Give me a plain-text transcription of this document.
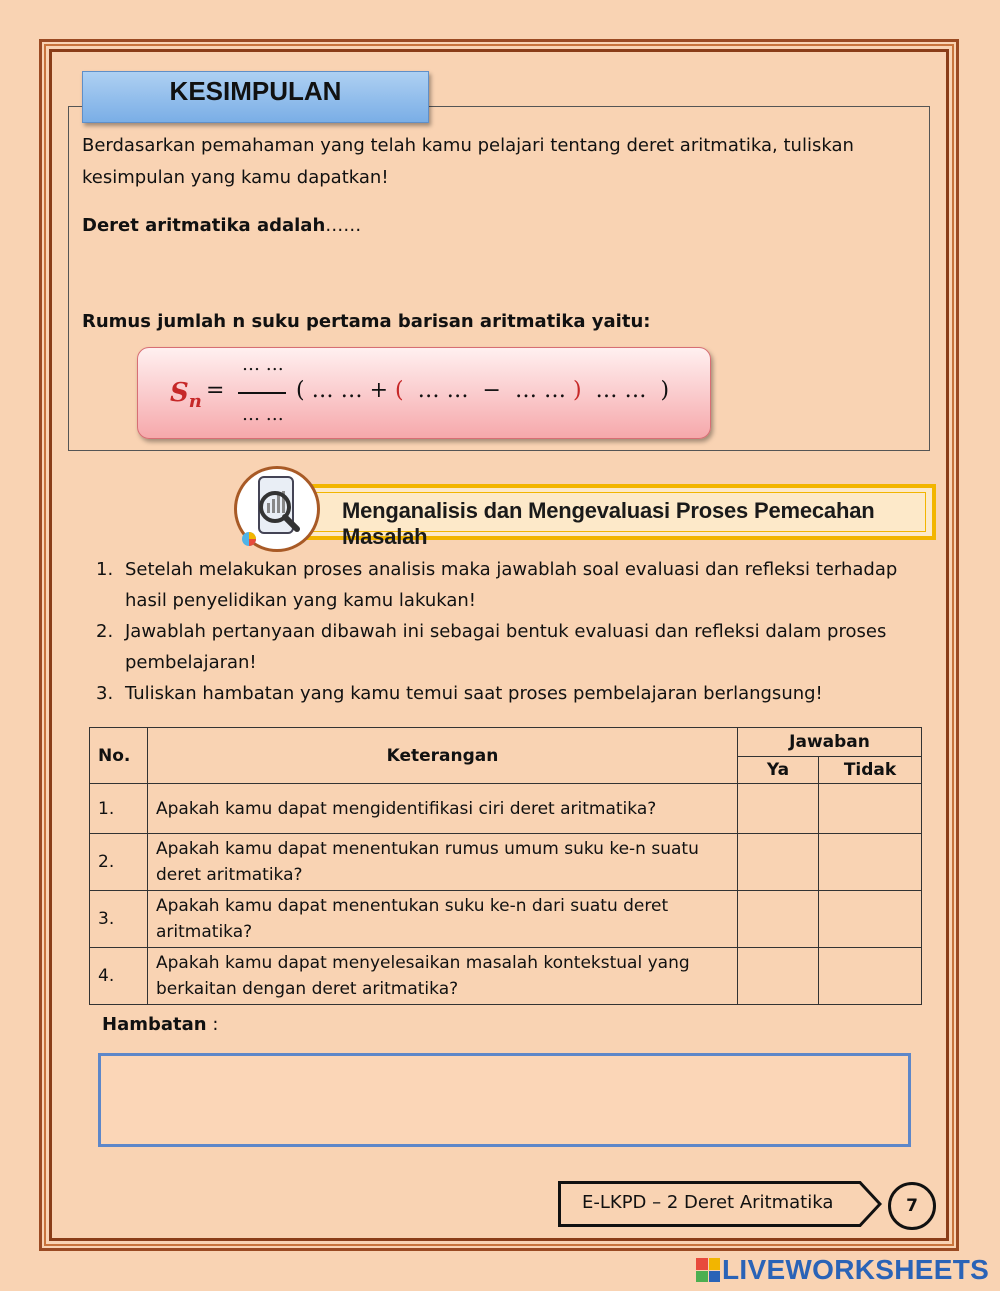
KESIMPULAN
Berdasarkan pemahaman yang telah kamu pelajari tentang deret aritmatika, tuliskan kesimpulan yang kamu dapatkan!
Deret aritmatika adalah……
Rumus jumlah n suku pertama barisan aritmatika yaitu:
$S_n$ =
… …
… …
( … … + (  … …  −  … … )  … …  )
Menganalisis dan Mengevaluasi Proses Pemecahan Masalah
1. Setelah melakukan proses analisis maka jawablah soal evaluasi dan refleksi terhadap hasil penyelidikan yang kamu lakukan!
2. Jawablah pertanyaan dibawah ini sebagai bentuk evaluasi dan refleksi dalam proses pembelajaran!
3. Tuliskan hambatan yang kamu temui saat proses pembelajaran berlangsung!
No.	Keterangan	Jawaban	
		Ya	Tidak
1.	Apakah kamu dapat mengidentifikasi ciri deret aritmatika?		
2.	Apakah kamu dapat menentukan rumus umum suku ke-n suatu deret aritmatika?		
3.	Apakah kamu dapat menentukan suku ke-n dari suatu deret aritmatika?		
4.	Apakah kamu dapat menyelesaikan masalah kontekstual yang berkaitan dengan deret aritmatika?		
Hambatan :
E-LKPD – 2 Deret Aritmatika	7
LIVEWORKSHEETS
